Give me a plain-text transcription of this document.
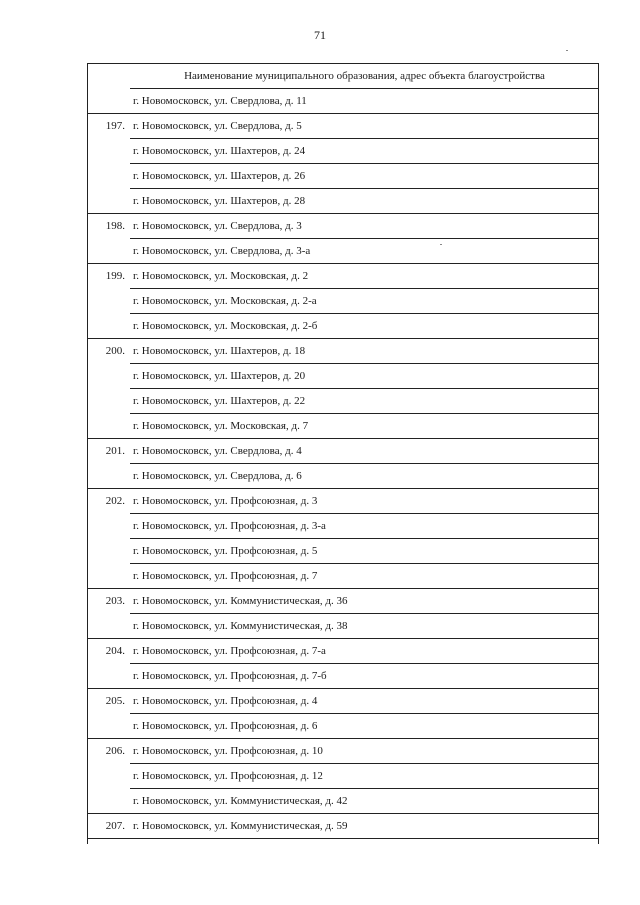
71
	Наименование муниципального образования, адрес объекта благоустройства
	г. Новомосковск, ул. Свердлова, д. 11
197.	г. Новомосковск, ул. Свердлова, д. 5
	г. Новомосковск, ул. Шахтеров, д. 24
	г. Новомосковск, ул. Шахтеров, д. 26
	г. Новомосковск, ул. Шахтеров, д. 28
198.	г. Новомосковск, ул. Свердлова, д. 3
	г. Новомосковск, ул. Свердлова, д. 3-а
199.	г. Новомосковск, ул. Московская, д. 2
	г. Новомосковск, ул. Московская, д. 2-а
	г. Новомосковск, ул. Московская, д. 2-б
200.	г. Новомосковск, ул. Шахтеров, д. 18
	г. Новомосковск, ул. Шахтеров, д. 20
	г. Новомосковск, ул. Шахтеров, д. 22
	г. Новомосковск, ул. Московская, д. 7
201.	г. Новомосковск, ул. Свердлова, д. 4
	г. Новомосковск, ул. Свердлова, д. 6
202.	г. Новомосковск, ул. Профсоюзная, д. 3
	г. Новомосковск, ул. Профсоюзная, д. 3-а
	г. Новомосковск, ул. Профсоюзная, д. 5
	г. Новомосковск, ул. Профсоюзная, д. 7
203.	г. Новомосковск, ул. Коммунистическая, д. 36
	г. Новомосковск, ул. Коммунистическая, д. 38
204.	г. Новомосковск, ул. Профсоюзная, д. 7-а
	г. Новомосковск, ул. Профсоюзная, д. 7-б
205.	г. Новомосковск, ул. Профсоюзная, д. 4
	г. Новомосковск, ул. Профсоюзная, д. 6
206.	г. Новомосковск, ул. Профсоюзная, д. 10
	г. Новомосковск, ул. Профсоюзная, д. 12
	г. Новомосковск, ул. Коммунистическая, д. 42
207.	г. Новомосковск, ул. Коммунистическая, д. 59
